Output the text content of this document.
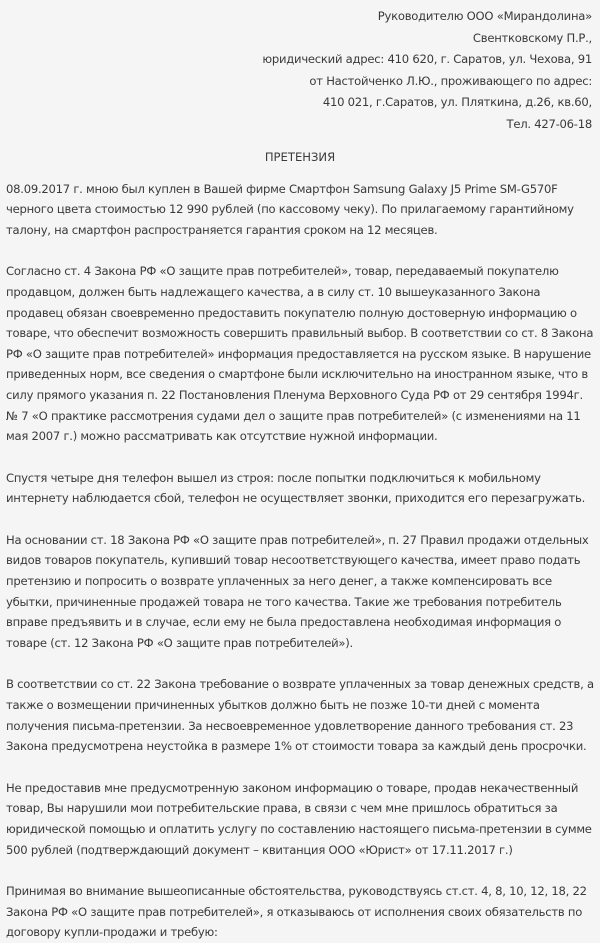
Руководителю ООО «Мирандолина»
Свентковскому П.Р.,
юридический адрес: 410 620, г. Саратов, ул. Чехова, 91
от Настойченко Л.Ю., проживающего по адрес:
410 021, г.Саратов, ул. Пляткина, д.26, кв.60,
Тел. 427-06-18
ПРЕТЕНЗИЯ

08.09.2017 г. мною был куплен в Вашей фирме Смартфон Samsung Galaxy J5 Prime SM-G570F черного цвета стоимостью 12 990 рублей (по кассовому чеку). По прилагаемому гарантийному талону, на смартфон распространяется гарантия сроком на 12 месяцев.

Согласно ст. 4 Закона РФ «О защите прав потребителей», товар, передаваемый покупателю продавцом, должен быть надлежащего качества, а в силу ст. 10 вышеуказанного Закона продавец обязан своевременно предоставить покупателю полную достоверную информацию о товаре, что обеспечит возможность совершить правильный выбор. В соответствии со ст. 8 Закона РФ «О защите прав потребителей» информация предоставляется на русском языке. В нарушение приведенных норм, все сведения о смартфоне были исключительно на иностранном языке, что в силу прямого указания п. 22 Постановления Пленума Верховного Суда РФ от 29 сентября 1994г. № 7 «О практике рассмотрения судами дел о защите прав потребителей» (с изменениями на 11 мая 2007 г.) можно рассматривать как отсутствие нужной информации.

Спустя четыре дня телефон вышел из строя: после попытки подключиться к мобильному интернету наблюдается сбой, телефон не осуществляет звонки, приходится его перезагружать.

На основании ст. 18 Закона РФ «О защите прав потребителей», п. 27 Правил продажи отдельных видов товаров покупатель, купивший товар несоответствующего качества, имеет право подать претензию и попросить о возврате уплаченных за него денег, а также компенсировать все убытки, причиненные продажей товара не того качества. Такие же требования потребитель вправе предъявить и в случае, если ему не была предоставлена необходимая информация о товаре (ст. 12 Закона РФ «О защите прав потребителей»).

В соответствии со ст. 22 Закона требование о возврате уплаченных за товар денежных средств, а также о возмещении причиненных убытков должно быть не позже 10-ти дней с момента получения письма-претензии. За несвоевременное удовлетворение данного требования ст. 23 Закона предусмотрена неустойка в размере 1% от стоимости товара за каждый день просрочки.

Не предоставив мне предусмотренную законом информацию о товаре, продав некачественный товар, Вы нарушили мои потребительские права, в связи с чем мне пришлось обратиться за юридической помощью и оплатить услугу по составлению настоящего письма-претензии в сумме 500 рублей (подтверждающий документ – квитанция ООО «Юрист» от 17.11.2017 г.)

Принимая во внимание вышеописанные обстоятельства, руководствуясь ст.ст. 4, 8, 10, 12, 18, 22 Закона РФ «О защите прав потребителей», я отказываюсь от исполнения своих обязательств по договору купли-продажи и требую:
